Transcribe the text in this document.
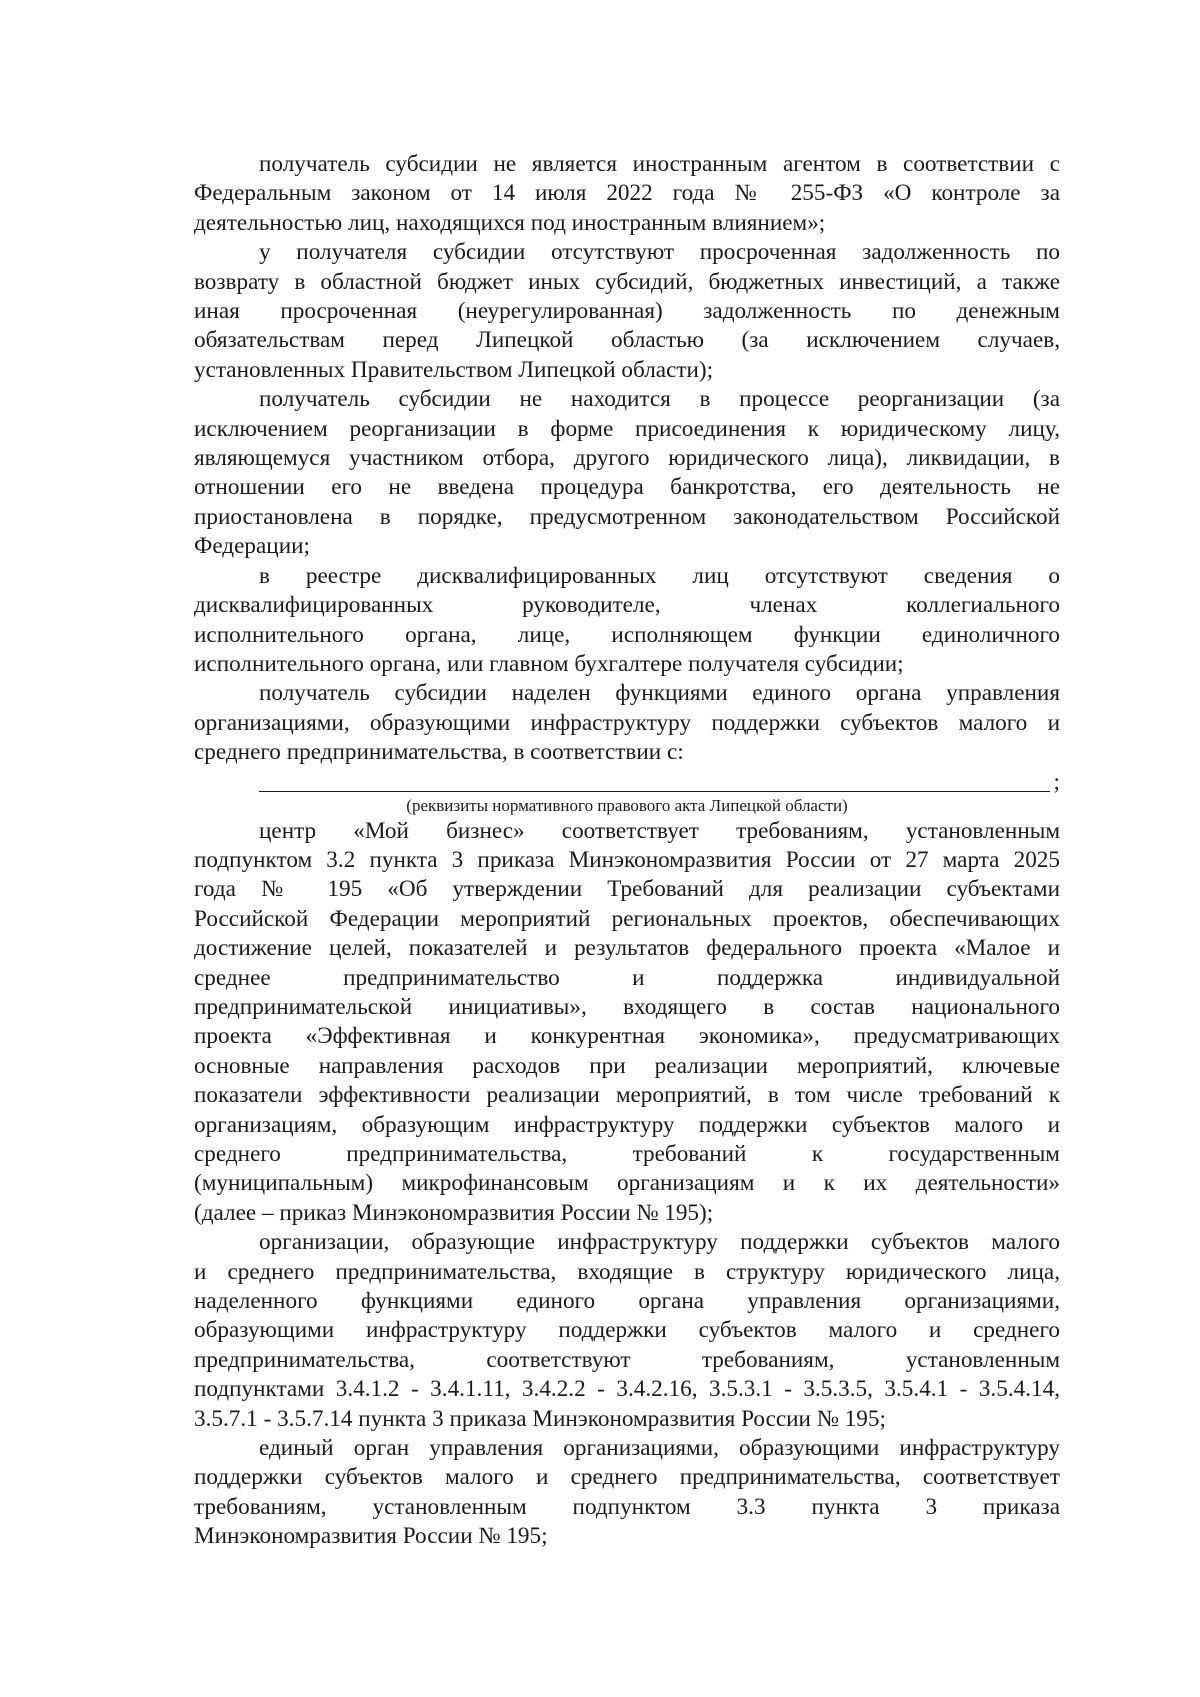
получатель субсидии не является иностранным агентом в соответствии с

Федеральным законом от 14 июля 2022 года № 255-ФЗ «О контроле за

деятельностью лиц, находящихся под иностранным влиянием»;

у получателя субсидии отсутствуют просроченная задолженность по

возврату в областной бюджет иных субсидий, бюджетных инвестиций, а также

иная просроченная (неурегулированная) задолженность по денежным

обязательствам перед Липецкой областью (за исключением случаев,

установленных Правительством Липецкой области);

получатель субсидии не находится в процессе реорганизации (за

исключением реорганизации в форме присоединения к юридическому лицу,

являющемуся участником отбора, другого юридического лица), ликвидации, в

отношении его не введена процедура банкротства, его деятельность не

приостановлена в порядке, предусмотренном законодательством Российской

Федерации;

в реестре дисквалифицированных лиц отсутствуют сведения о

дисквалифицированных руководителе, членах коллегиального

исполнительного органа, лице, исполняющем функции единоличного

исполнительного органа, или главном бухгалтере получателя субсидии;

получатель субсидии наделен функциями единого органа управления

организациями, образующими инфраструктуру поддержки субъектов малого и

среднего предпринимательства, в соответствии с:

;

(реквизиты нормативного правового акта Липецкой области)

центр «Мой бизнес» соответствует требованиям, установленным

подпунктом 3.2 пункта 3 приказа Минэкономразвития России от 27 марта 2025

года № 195 «Об утверждении Требований для реализации субъектами

Российской Федерации мероприятий региональных проектов, обеспечивающих

достижение целей, показателей и результатов федерального проекта «Малое и

среднее предпринимательство и поддержка индивидуальной

предпринимательской инициативы», входящего в состав национального

проекта «Эффективная и конкурентная экономика», предусматривающих

основные направления расходов при реализации мероприятий, ключевые

показатели эффективности реализации мероприятий, в том числе требований к

организациям, образующим инфраструктуру поддержки субъектов малого и

среднего предпринимательства, требований к государственным

(муниципальным) микрофинансовым организациям и к их деятельности»

(далее – приказ Минэкономразвития России № 195);

организации, образующие инфраструктуру поддержки субъектов малого

и среднего предпринимательства, входящие в структуру юридического лица,

наделенного функциями единого органа управления организациями,

образующими инфраструктуру поддержки субъектов малого и среднего

предпринимательства, соответствуют требованиям, установленным

подпунктами 3.4.1.2 - 3.4.1.11, 3.4.2.2 - 3.4.2.16, 3.5.3.1 - 3.5.3.5, 3.5.4.1 - 3.5.4.14,

3.5.7.1 - 3.5.7.14 пункта 3 приказа Минэкономразвития России № 195;

единый орган управления организациями, образующими инфраструктуру

поддержки субъектов малого и среднего предпринимательства, соответствует

требованиям, установленным подпунктом 3.3 пункта 3 приказа

Минэкономразвития России № 195;
